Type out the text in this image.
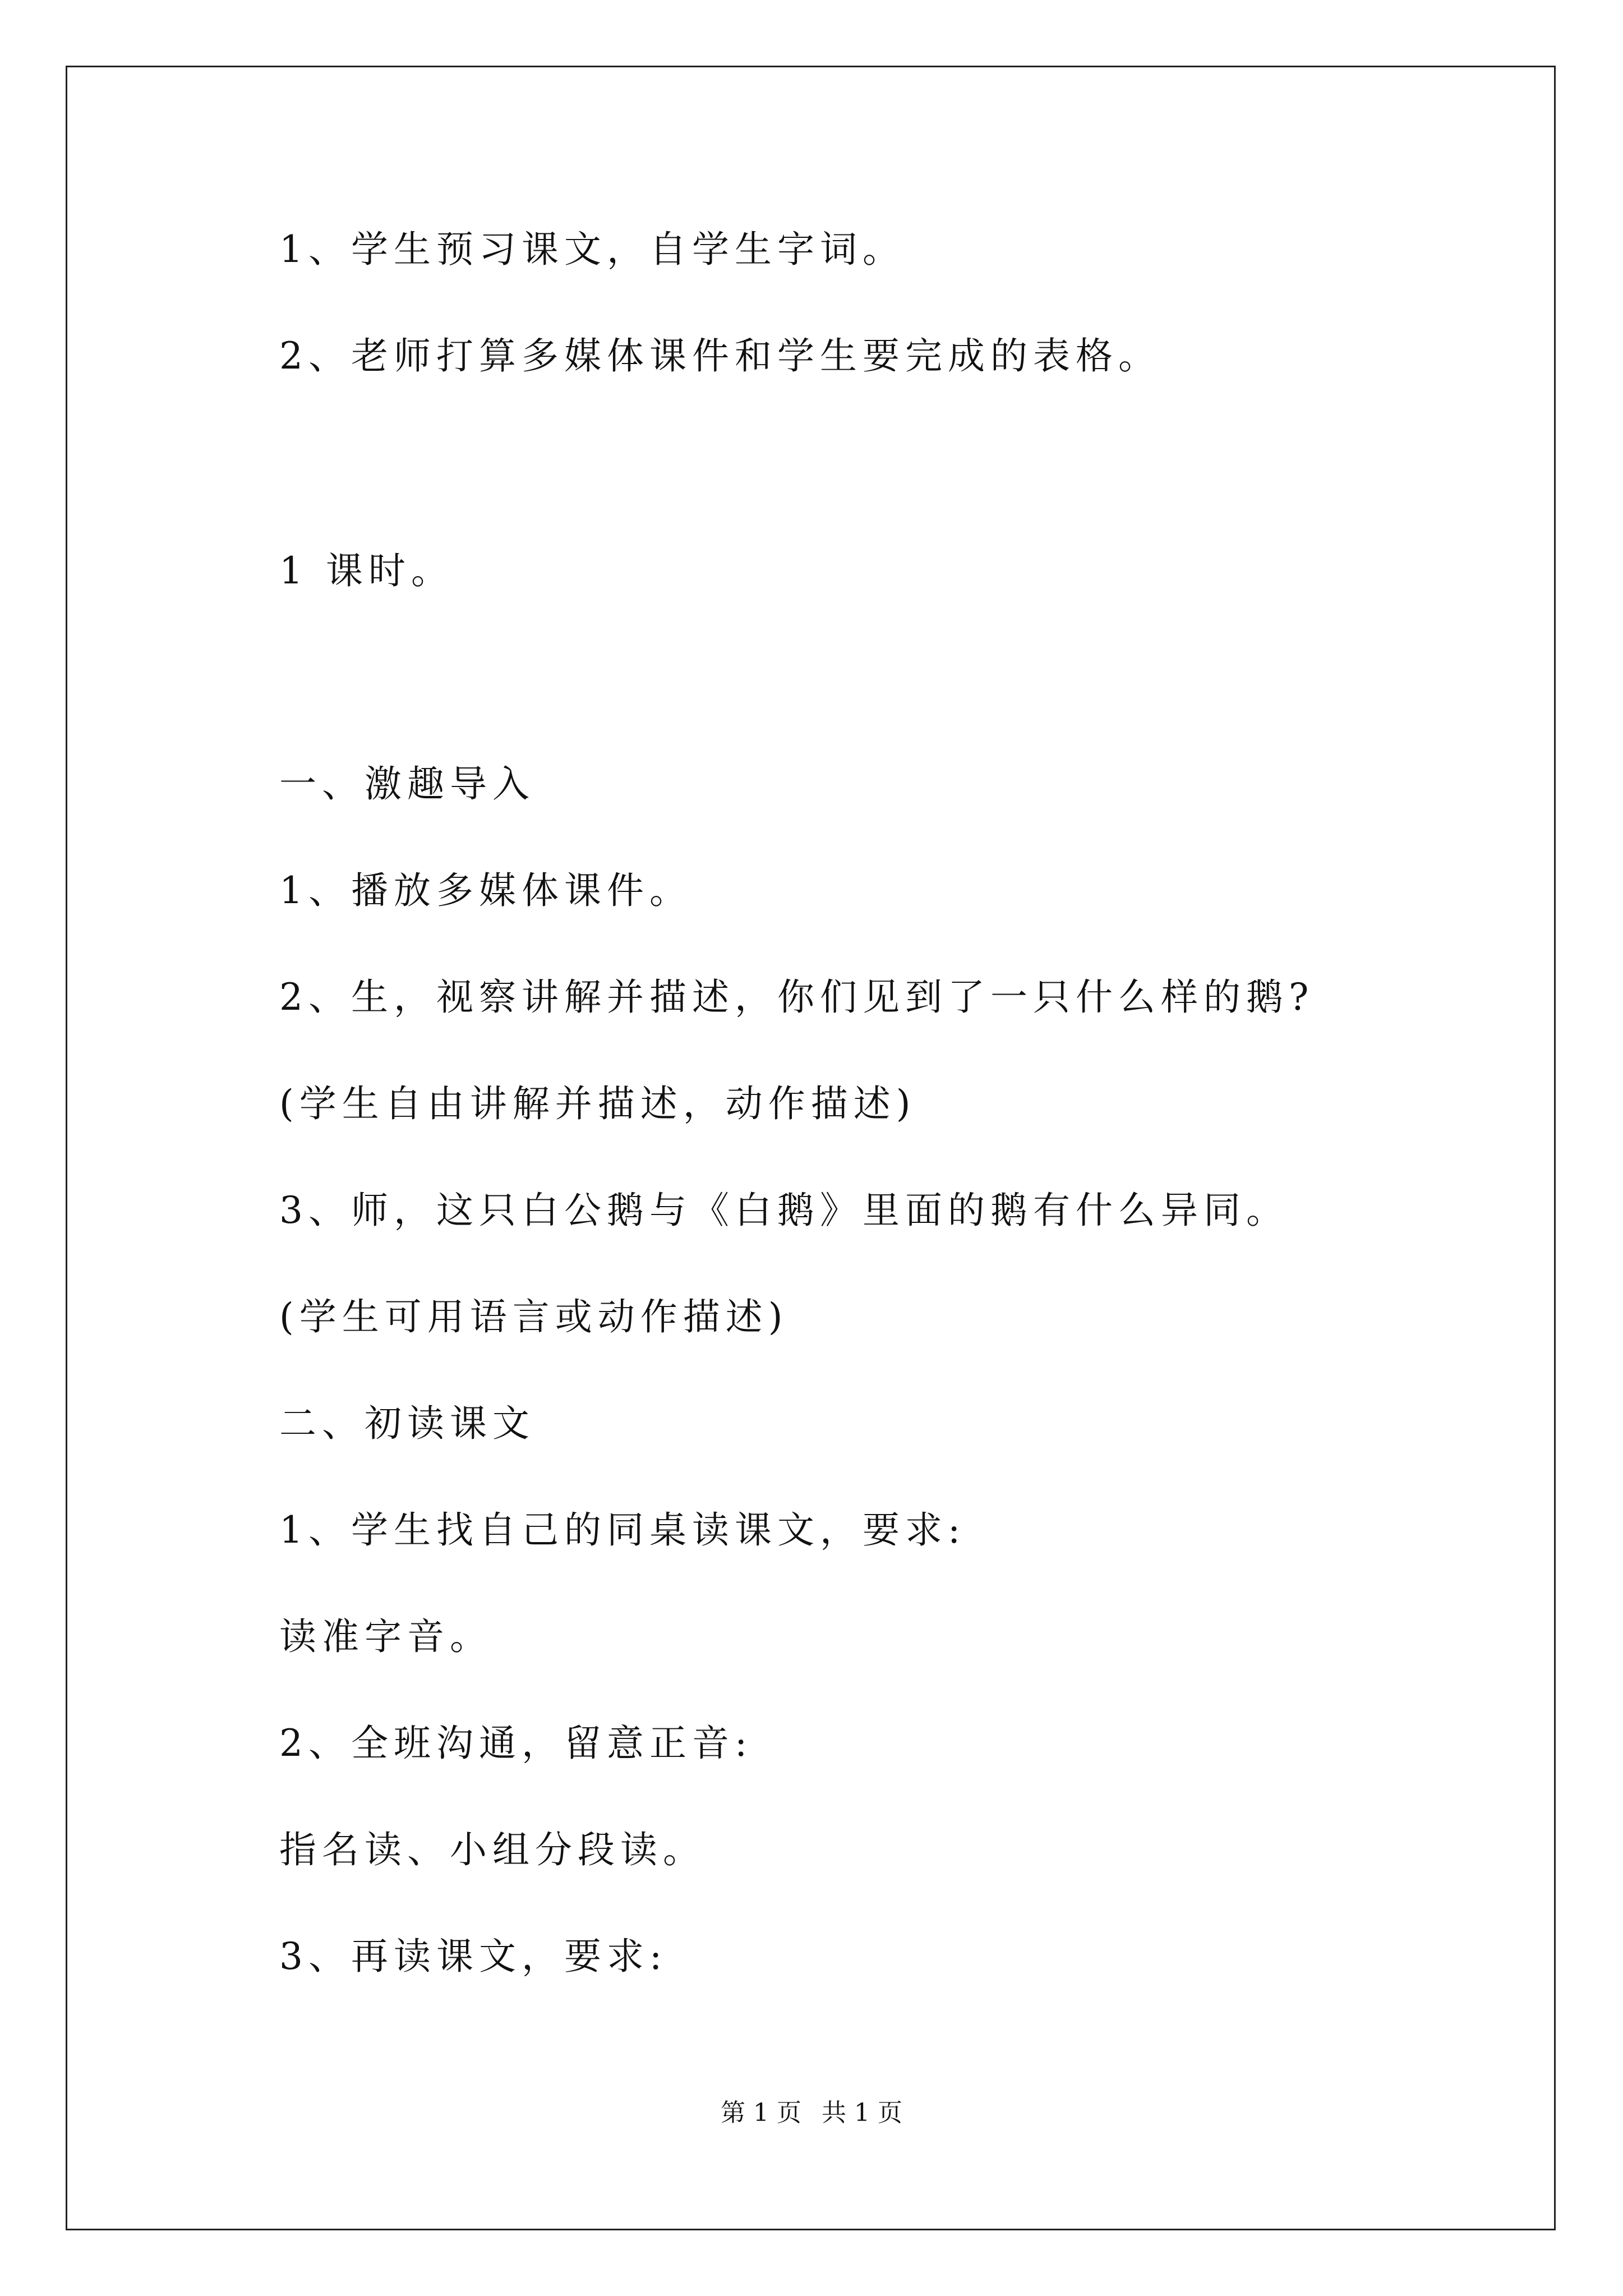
1、学生预习课文，自学生字词。
2、老师打算多媒体课件和学生要完成的表格。
1 课时。
一、激趣导入
1、播放多媒体课件。
2、生，视察讲解并描述，你们见到了一只什么样的鹅?
(学生自由讲解并描述，动作描述)
3、师，这只白公鹅与《白鹅》里面的鹅有什么异同。
(学生可用语言或动作描述)
二、初读课文
1、学生找自己的同桌读课文，要求:
读准字音。
2、全班沟通，留意正音:
指名读、小组分段读。
3、再读课文，要求:
第 1 页 共 1 页
